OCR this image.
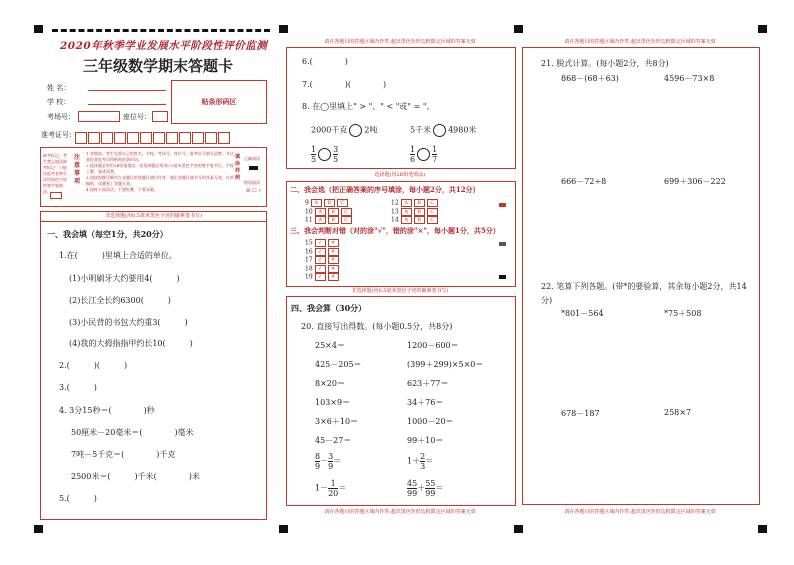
2020年秋季学业发展水平阶段性评价监测
三年级数学期末答题卡
姓 名：
学 校：
考场号：	座位号：
准考证号：
贴条形码区
缺考标记，考生禁止填涂缺考标记！只能由监考老师负责用黑色字迹的签字笔填涂。
注意事项
1.答题前，考生先将自己的姓名、学校、考场号、座位号、准考证号填写清楚，并认真检查监考员所粘贴的条形码。
2.选择题必须用2B铅笔填涂，非选择题必须用0.5毫米黑色字迹的签字笔书写，字体工整、笔迹清楚。
3.请按照题号顺序在各题目的答题区域内作答，超出答题区域书写的答案无效，在草稿纸、试题卷上答题无效。
4.保持卡面清洁，不要折叠，不要弄破。
填涂样例
正确填涂
错误填涂
☒ ☐ ✓
非选择题(用0.5毫米黑色字迹的碳素笔书写)
一、我会填（每空1分，共20分）
1.在(　　　)里填上合适的单位。
(1)小明刷牙大约要用4(　　　)
(2)长江全长约6300(　　　)
(3)小民背的书包大约重3(　　　)
(4)我的大拇指指甲约长10(　　　)
2.(　　　)(　　　)
3.(　　　)
4. 3分15秒＝(　　　　)秒
50厘米－20毫米＝(　　　　)毫米
7吨－5千克＝(　　　　)千克
2500米＝(　　　)千米(　　　　)米
5.(　　　)
请在各题目的答题区域内作答,超出黑色矩形边框限定区域的答案无效
6.(　　　　)
7.(　　　　)(　　　　)
8. 在◯里填上" > "、" < "或" = "。
2000千克 2吨	5千米 4980米
$\frac{1}{5} \frac{3}{5}$	$\frac{1}{6} \frac{1}{7}$
选择题(用2B铅笔填涂)
二、我会选（把正确答案的序号填涂，每小题2分，共12分）
9 A B C
10 A B C
11 A B C
12 A B C
13 A B C
14 A B C
三、我会判断对错（对的涂"√"，错的涂"×"，每小题1分，共5分）
15 ✓ ✕
16 ✓ ✕
17 ✓ ✕
18 ✓ ✕
19 ✓ ✕
非选择题(用0.5毫米黑色字迹的碳素笔书写)
四、我会算（30分）
20. 直接写出得数。(每小题0.5分，共8分)
25×4＝	1200－600＝
425－205＝	(399＋299)×5×0＝
8×20＝	623＋77＝
103×9＝	34＋76＝
3×6＋10＝	1000－20＝
45－27＝	99＋10＝
$\frac{8}{9} - \frac{3}{9}$ ＝	$1+ \frac{2}{3}$ ＝
$1- \frac{1}{20}$ ＝	$\frac{45}{99} + \frac{55}{99}$ ＝
请在各题目的答题区域内作答,超出黑色矩形边框限定区域的答案无效
请在各题目的答题区域内作答,超出黑色矩形边框限定区域的答案无效
21. 脱式计算。(每小题2分，共8分)
868－(68＋63)	4596－73×8
666－72÷8	699＋306－222
22. 笔算下列各题。(带*的要验算，其余每小题2分，共14分)
*801－564	*75＋508
678－187	258×7
请在各题目的答题区域内作答,超出黑色矩形边框限定区域的答案无效
